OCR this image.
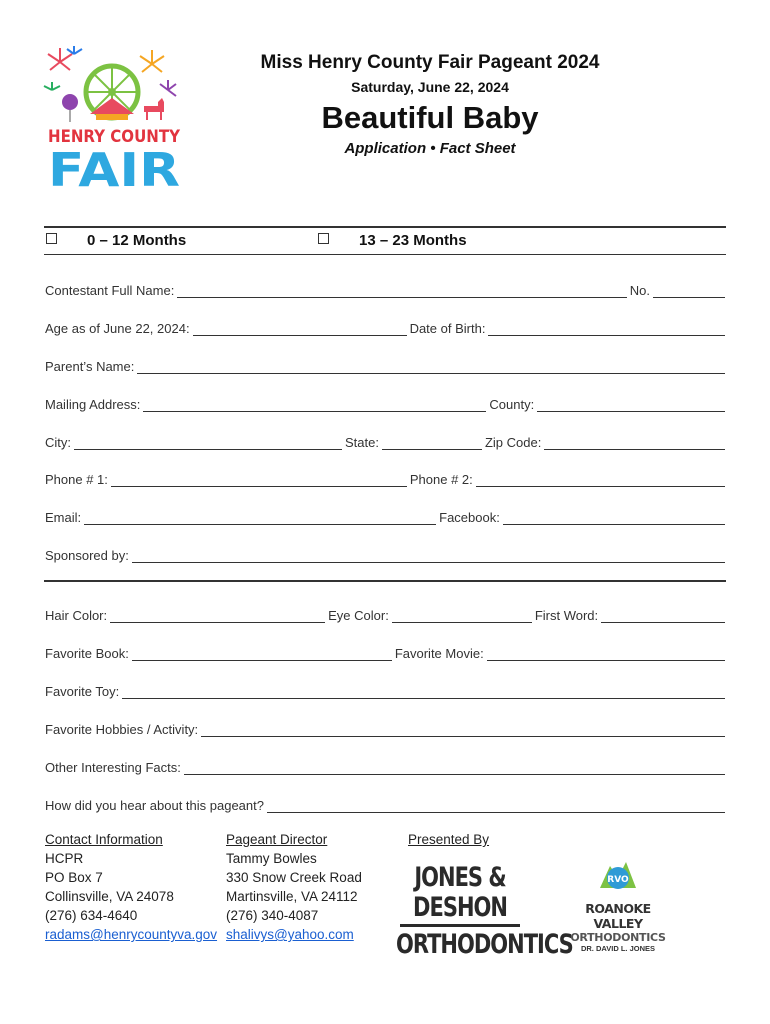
HENRY COUNTY
FAIR
Miss Henry County Fair Pageant 2024
Saturday, June 22, 2024
Beautiful Baby
Application • Fact Sheet
0 – 12 Months	13 – 23 Months
Contestant Full Name:	No.
Age as of June 22, 2024:	Date of Birth:
Parent’s Name:
Mailing Address:	County:
City:	State:	Zip Code:
Phone # 1:	Phone # 2:
Email:	Facebook:
Sponsored by:
Hair Color:	Eye Color:	First Word:
Favorite Book:	Favorite Movie:
Favorite Toy:
Favorite Hobbies / Activity:
Other Interesting Facts:
How did you hear about this pageant?
Contact Information
HCPR
PO Box 7
Collinsville, VA 24078
(276) 634-4640
radams@henrycountyva.gov
Pageant Director
Tammy Bowles
330 Snow Creek Road
Martinsville, VA 24112
(276) 340-4087
shalivys@yahoo.com
Presented By
JONES & DESHON
ORTHODONTICS
RVO
ROANOKE VALLEY
ORTHODONTICS
DR. DAVID L. JONES
